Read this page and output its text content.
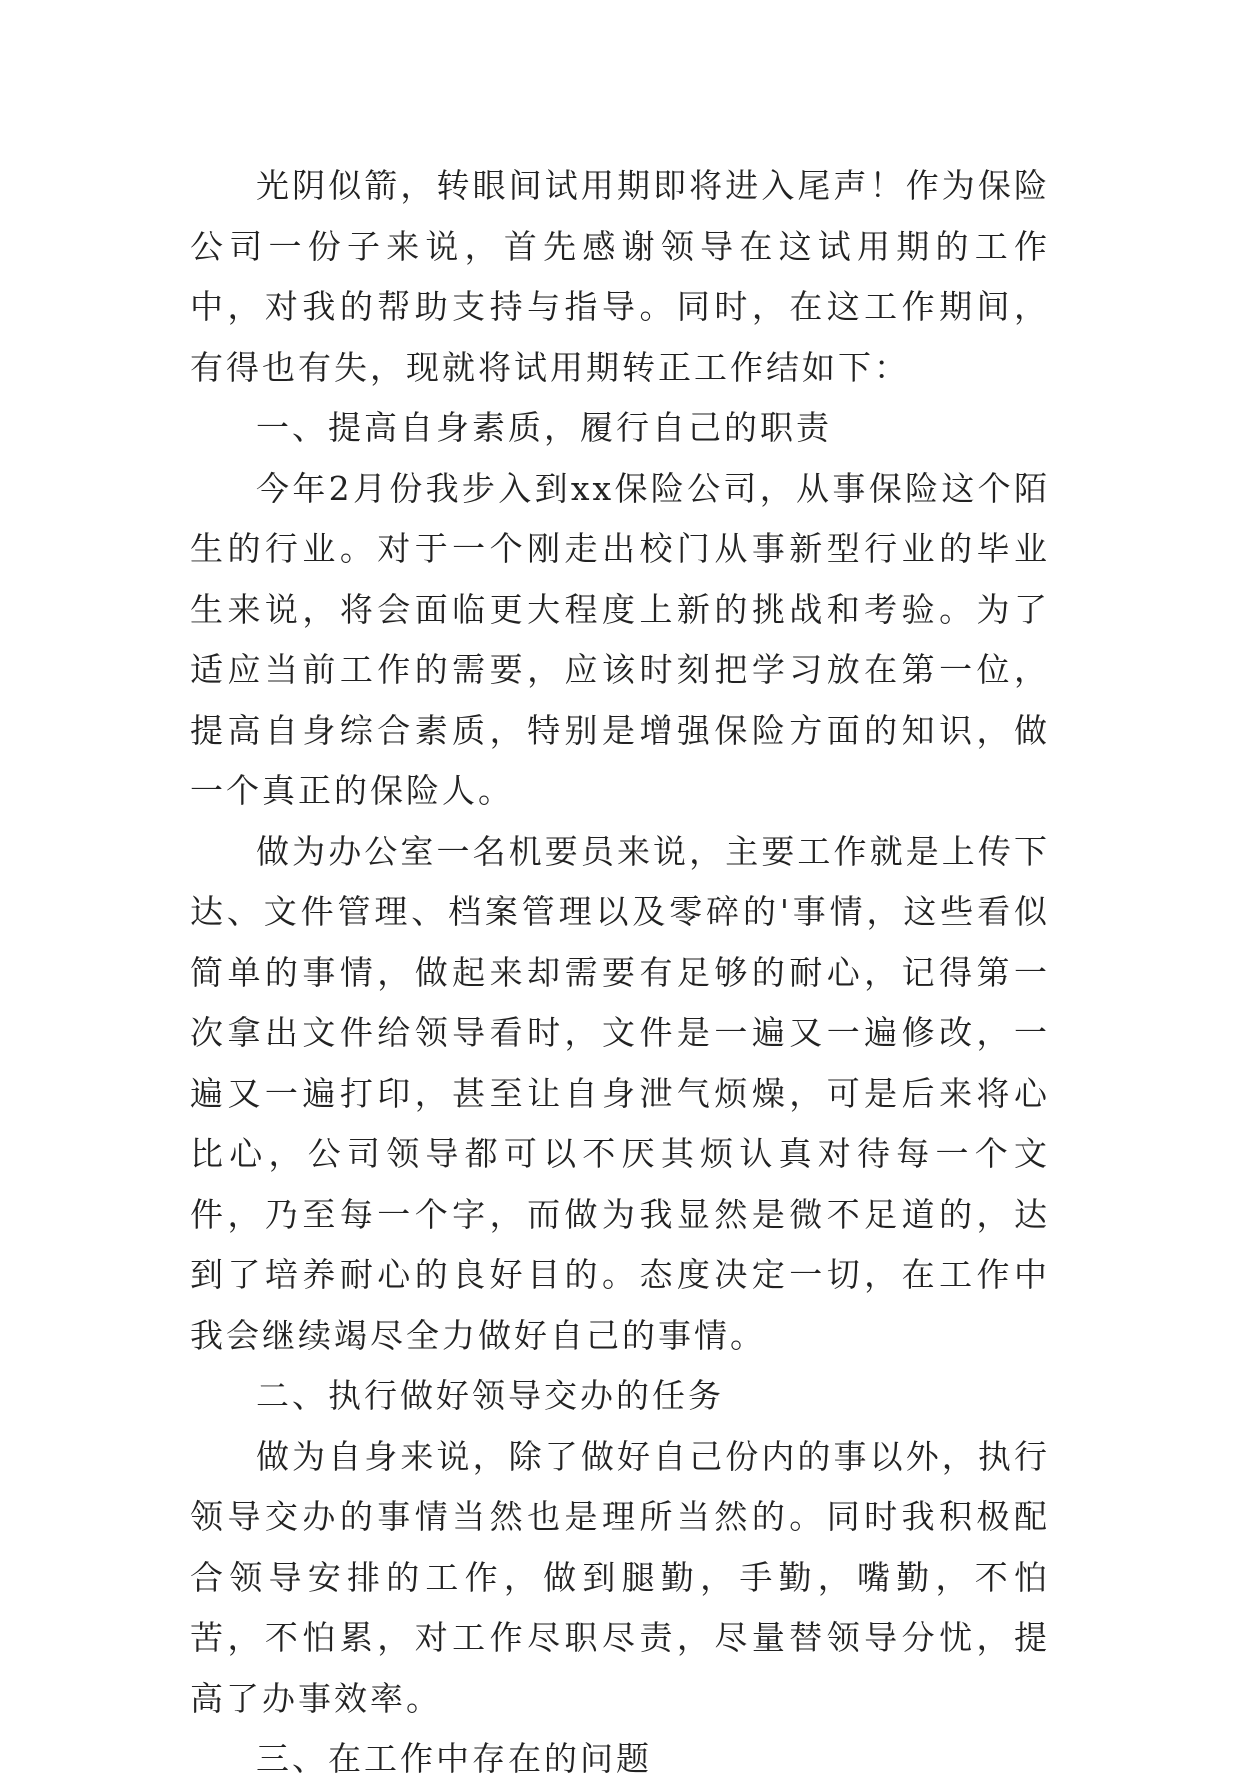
光阴似箭，转眼间试用期即将进入尾声！作为保险公司一份子来说，首先感谢领导在这试用期的工作中，对我的帮助支持与指导。同时，在这工作期间，有得也有失，现就将试用期转正工作结如下：

一、提高自身素质，履行自己的职责

今年2月份我步入到xx保险公司，从事保险这个陌生的行业。对于一个刚走出校门从事新型行业的毕业生来说，将会面临更大程度上新的挑战和考验。为了适应当前工作的需要，应该时刻把学习放在第一位，提高自身综合素质，特别是增强保险方面的知识，做一个真正的保险人。

做为办公室一名机要员来说，主要工作就是上传下达、文件管理、档案管理以及零碎的'事情，这些看似简单的事情，做起来却需要有足够的耐心，记得第一次拿出文件给领导看时，文件是一遍又一遍修改，一遍又一遍打印，甚至让自身泄气烦燥，可是后来将心比心，公司领导都可以不厌其烦认真对待每一个文件，乃至每一个字，而做为我显然是微不足道的，达到了培养耐心的良好目的。态度决定一切，在工作中我会继续竭尽全力做好自己的事情。

二、执行做好领导交办的任务

做为自身来说，除了做好自己份内的事以外，执行领导交办的事情当然也是理所当然的。同时我积极配合领导安排的工作，做到腿勤，手勤，嘴勤，不怕苦，不怕累，对工作尽职尽责，尽量替领导分忧，提高了办事效率。

三、在工作中存在的问题
